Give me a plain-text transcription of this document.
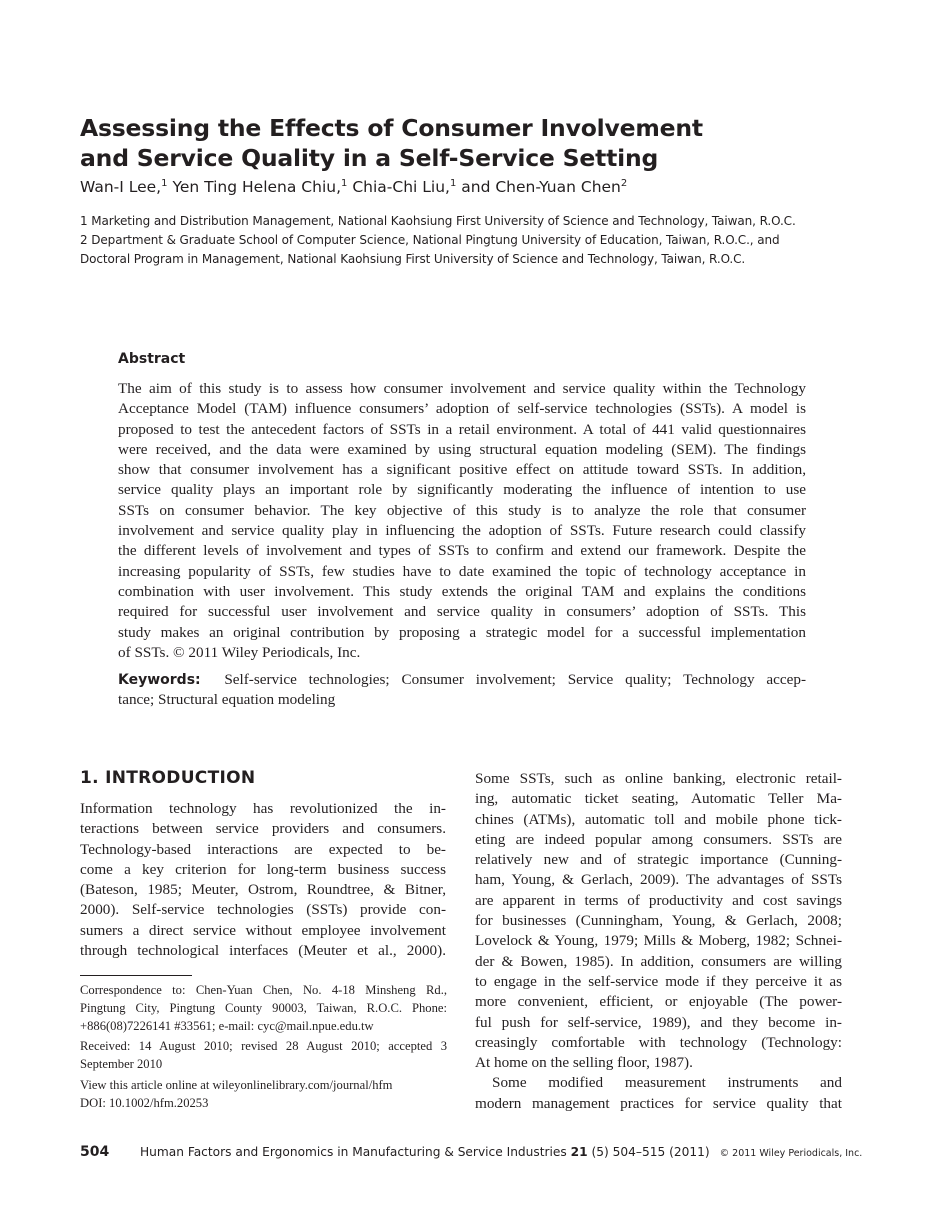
Assessing the Effects of Consumer Involvement
and Service Quality in a Self-Service Setting
Wan-I Lee,$^1$ Yen Ting Helena Chiu,$^1$ Chia-Chi Liu,$^1$ and Chen-Yuan Chen$^2$
1 Marketing and Distribution Management, National Kaohsiung First University of Science and Technology, Taiwan, R.O.C.
2 Department & Graduate School of Computer Science, National Pingtung University of Education, Taiwan, R.O.C., and
Doctoral Program in Management, National Kaohsiung First University of Science and Technology, Taiwan, R.O.C.
Abstract
The aim of this study is to assess how consumer involvement and service quality within the Technology
Acceptance Model (TAM) influence consumers’ adoption of self-service technologies (SSTs). A model is
proposed to test the antecedent factors of SSTs in a retail environment. A total of 441 valid questionnaires
were received, and the data were examined by using structural equation modeling (SEM). The findings
show that consumer involvement has a significant positive effect on attitude toward SSTs. In addition,
service quality plays an important role by significantly moderating the influence of intention to use
SSTs on consumer behavior. The key objective of this study is to analyze the role that consumer
involvement and service quality play in influencing the adoption of SSTs. Future research could classify
the different levels of involvement and types of SSTs to confirm and extend our framework. Despite the
increasing popularity of SSTs, few studies have to date examined the topic of technology acceptance in
combination with user involvement. This study extends the original TAM and explains the conditions
required for successful user involvement and service quality in consumers’ adoption of SSTs. This
study makes an original contribution by proposing a strategic model for a successful implementation
of SSTs. © 2011 Wiley Periodicals, Inc.
Keywords: Self-service technologies; Consumer involvement; Service quality; Technology accep-
tance; Structural equation modeling
1. INTRODUCTION
Information technology has revolutionized the in-
teractions between service providers and consumers.
Technology-based interactions are expected to be-
come a key criterion for long-term business success
(Bateson, 1985; Meuter, Ostrom, Roundtree, & Bitner,
2000). Self-service technologies (SSTs) provide con-
sumers a direct service without employee involvement
through technological interfaces (Meuter et al., 2000).
Correspondence to: Chen-Yuan Chen, No. 4-18 Minsheng Rd.,
Pingtung City, Pingtung County 90003, Taiwan, R.O.C. Phone:
+886(08)7226141 #33561; e-mail: cyc@mail.npue.edu.tw
Received: 14 August 2010; revised 28 August 2010; accepted 3
September 2010
View this article online at wileyonlinelibrary.com/journal/hfm
DOI: 10.1002/hfm.20253
Some SSTs, such as online banking, electronic retail-
ing, automatic ticket seating, Automatic Teller Ma-
chines (ATMs), automatic toll and mobile phone tick-
eting are indeed popular among consumers. SSTs are
relatively new and of strategic importance (Cunning-
ham, Young, & Gerlach, 2009). The advantages of SSTs
are apparent in terms of productivity and cost savings
for businesses (Cunningham, Young, & Gerlach, 2008;
Lovelock & Young, 1979; Mills & Moberg, 1982; Schnei-
der & Bowen, 1985). In addition, consumers are willing
to engage in the self-service mode if they perceive it as
more convenient, efficient, or enjoyable (The power-
ful push for self-service, 1989), and they become in-
creasingly comfortable with technology (Technology:
At home on the selling floor, 1987).
Some modified measurement instruments and
modern management practices for service quality that
504	Human Factors and Ergonomics in Manufacturing & Service Industries 21 (5) 504–515 (2011) © 2011 Wiley Periodicals, Inc.
